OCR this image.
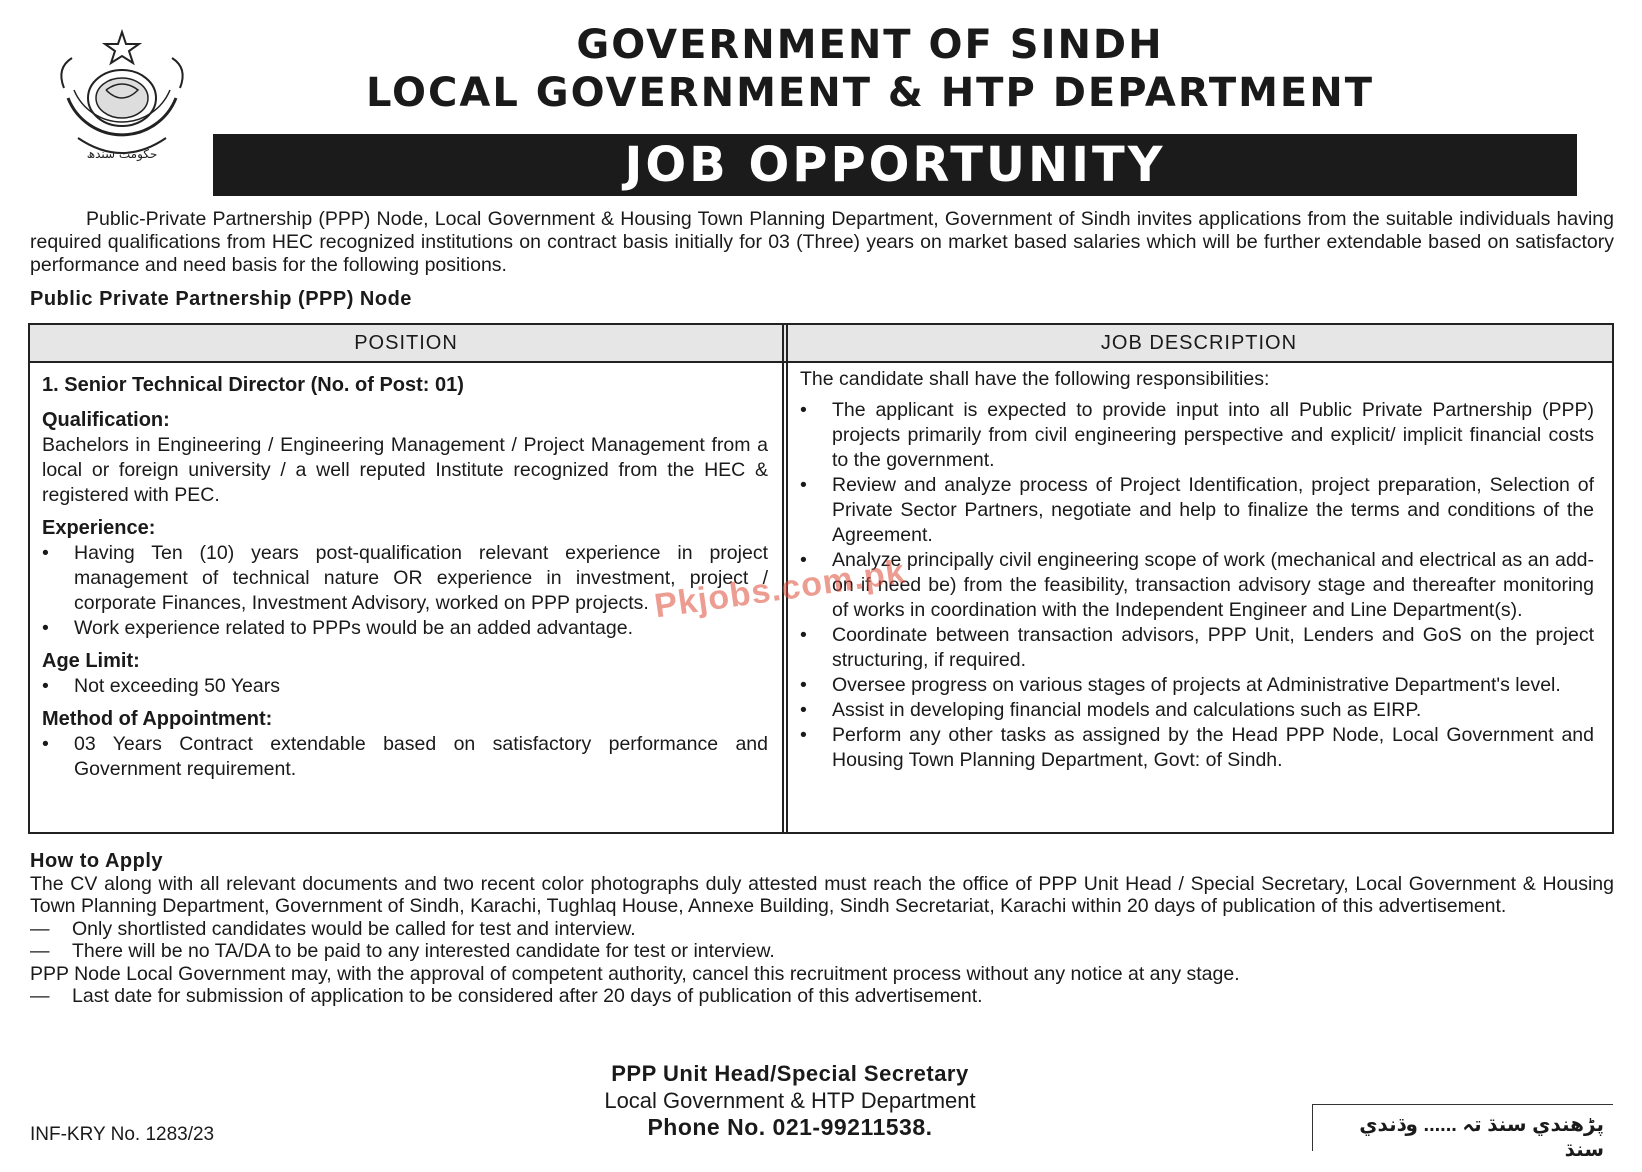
حکومت سندھ
GOVERNMENT OF SINDH
LOCAL GOVERNMENT & HTP DEPARTMENT
JOB OPPORTUNITY

Public-Private Partnership (PPP) Node, Local Government & Housing Town Planning Department, Government of Sindh invites applications from the suitable individuals having required qualifications from HEC recognized institutions on contract basis initially for 03 (Three) years on market based salaries which will be further extendable based on satisfactory performance and need basis for the following positions.

Public Private Partnership (PPP) Node

POSITION	JOB DESCRIPTION

1. Senior Technical Director (No. of Post: 01)

Qualification:

Bachelors in Engineering / Engineering Management / Project Management from a local or foreign university / a well reputed Institute recognized from the HEC & registered with PEC.

Experience:

• Having Ten (10) years post-qualification relevant experience in project management of technical nature OR experience in investment, project / corporate Finances, Investment Advisory, worked on PPP projects.
• Work experience related to PPPs would be an added advantage.

Age Limit:

• Not exceeding 50 Years

Method of Appointment:

• 03 Years Contract extendable based on satisfactory performance and Government requirement.

The candidate shall have the following responsibilities:

• The applicant is expected to provide input into all Public Private Partnership (PPP) projects primarily from civil engineering perspective and explicit/ implicit financial costs to the government.
• Review and analyze process of Project Identification, project preparation, Selection of Private Sector Partners, negotiate and help to finalize the terms and conditions of the Agreement.
• Analyze principally civil engineering scope of work (mechanical and electrical as an add-on if need be) from the feasibility, transaction advisory stage and thereafter monitoring of works in coordination with the Independent Engineer and Line Department(s).
• Coordinate between transaction advisors, PPP Unit, Lenders and GoS on the project structuring, if required.
• Oversee progress on various stages of projects at Administrative Department's level.
• Assist in developing financial models and calculations such as EIRP.
• Perform any other tasks as assigned by the Head PPP Node, Local Government and Housing Town Planning Department, Govt: of Sindh.
Pkjobs.com.pk
How to Apply

The CV along with all relevant documents and two recent color photographs duly attested must reach the office of PPP Unit Head / Special Secretary, Local Government & Housing Town Planning Department, Government of Sindh, Karachi, Tughlaq House, Annexe Building, Sindh Secretariat, Karachi within 20 days of publication of this advertisement.

— Only shortlisted candidates would be called for test and interview.

— There will be no TA/DA to be paid to any interested candidate for test or interview.

PPP Node Local Government may, with the approval of competent authority, cancel this recruitment process without any notice at any stage.

— Last date for submission of application to be considered after 20 days of publication of this advertisement.

PPP Unit Head/Special Secretary
Local Government & HTP Department
Phone No. 021-99211538.
INF-KRY No. 1283/23	پڑھندي سنڌ تہ ...... وڌندي سنڌ
